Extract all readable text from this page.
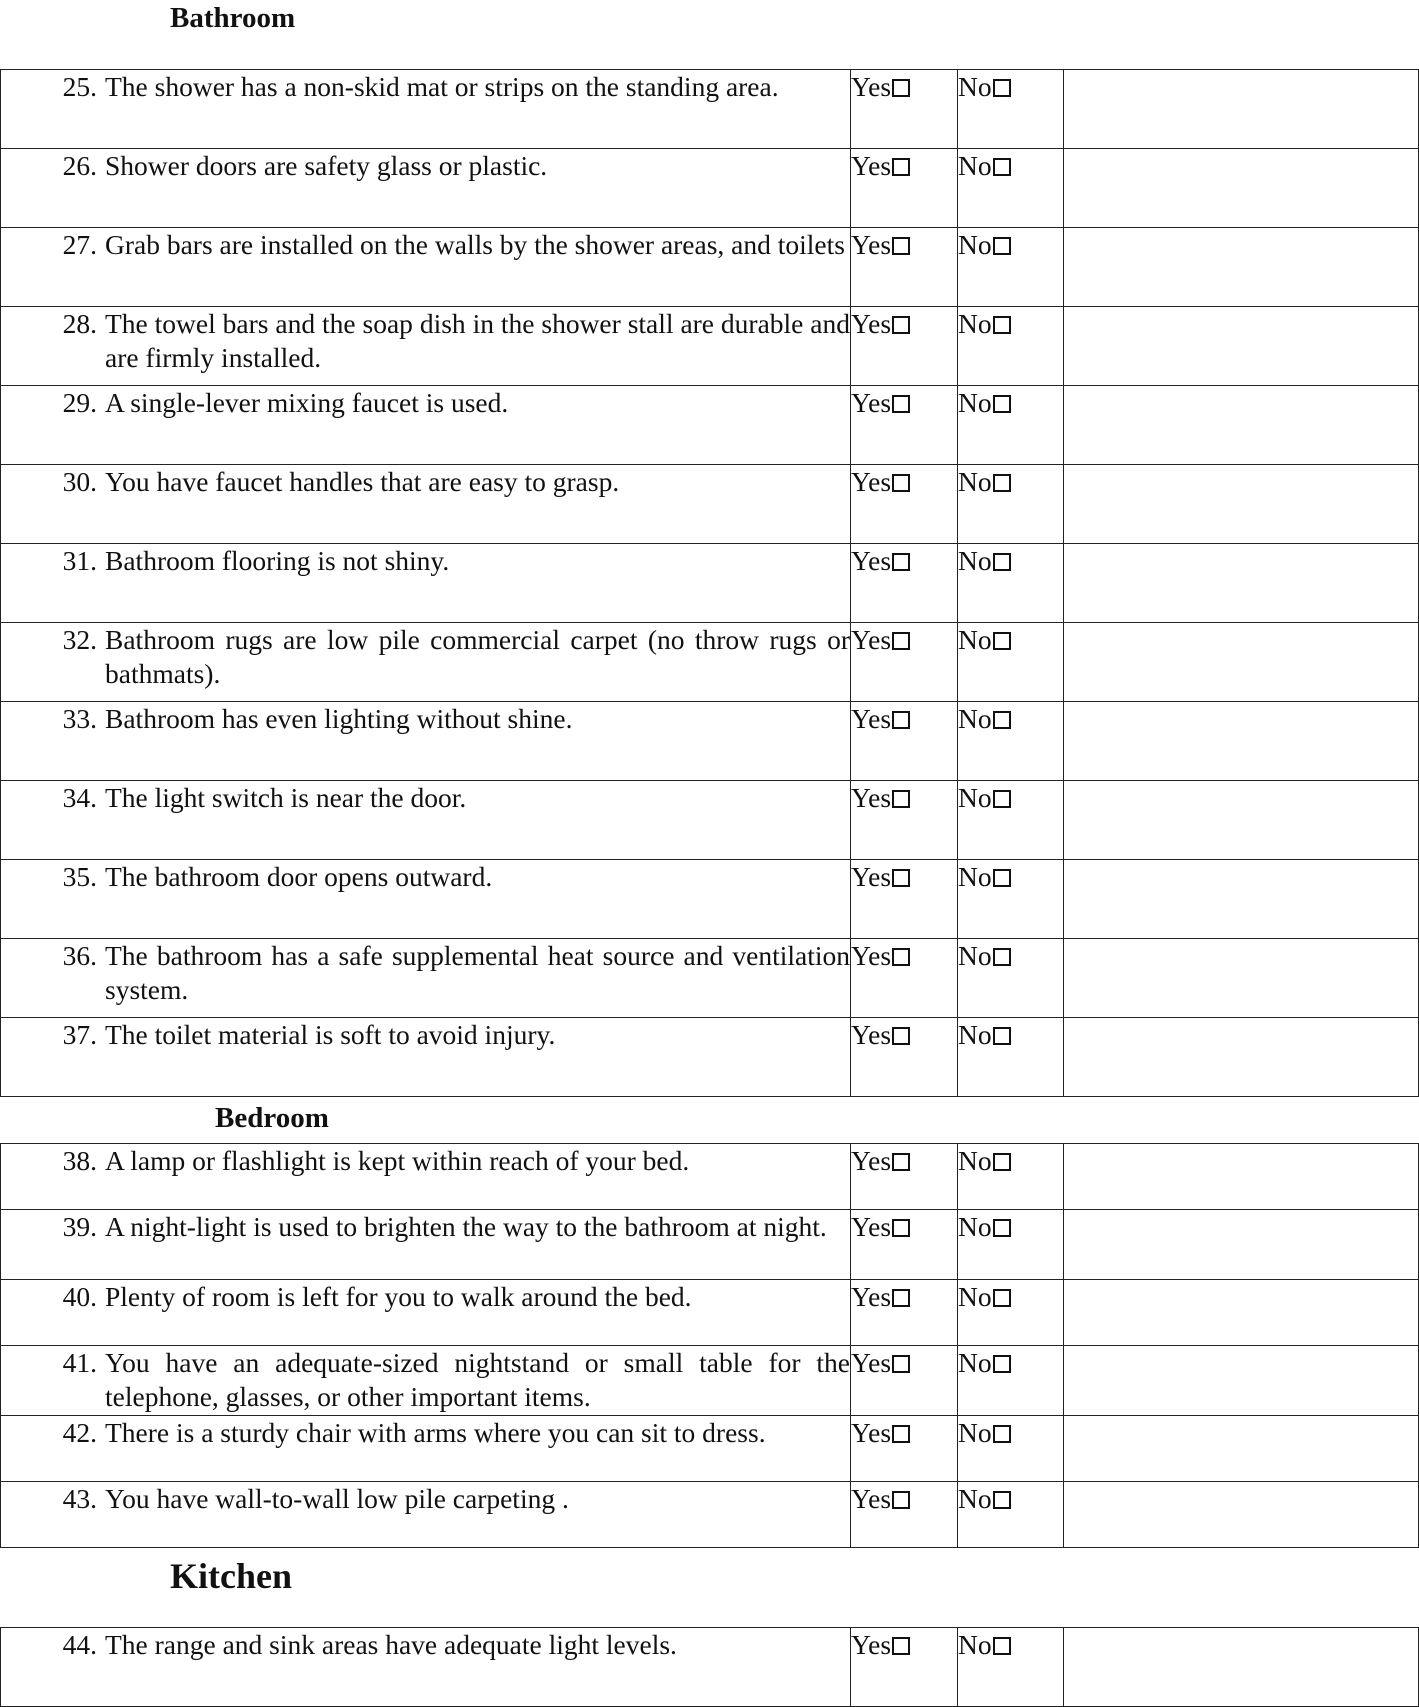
Bathroom
25. The shower has a non-skid mat or strips on the standing area.	Yes	No	

26. Shower doors are safety glass or plastic.	Yes	No	

27. Grab bars are installed on the walls by the shower areas, and toilets	Yes	No	

28. The towel bars and the soap dish in the shower stall are durable and are firmly installed.	Yes	No	

29. A single-lever mixing faucet is used.	Yes	No	

30. You have faucet handles that are easy to grasp.	Yes	No	

31. Bathroom flooring is not shiny.	Yes	No	

32. Bathroom rugs are low pile commercial carpet (no throw rugs or bathmats).	Yes	No	

33. Bathroom has even lighting without shine.	Yes	No	

34. The light switch is near the door.	Yes	No	

35. The bathroom door opens outward.	Yes	No	

36. The bathroom has a safe supplemental heat source and ventilation system.	Yes	No	

37. The toilet material is soft to avoid injury.	Yes	No	
Bedroom
38. A lamp or flashlight is kept within reach of your bed.	Yes	No	

39. A night-light is used to brighten the way to the bathroom at night.	Yes	No	

40. Plenty of room is left for you to walk around the bed.	Yes	No	

41. You have an adequate-sized nightstand or small table for the telephone, glasses, or other important items.	Yes	No	

42. There is a sturdy chair with arms where you can sit to dress.	Yes	No	

43. You have wall-to-wall low pile carpeting .	Yes	No	
Kitchen
44. The range and sink areas have adequate light levels.	Yes	No	
